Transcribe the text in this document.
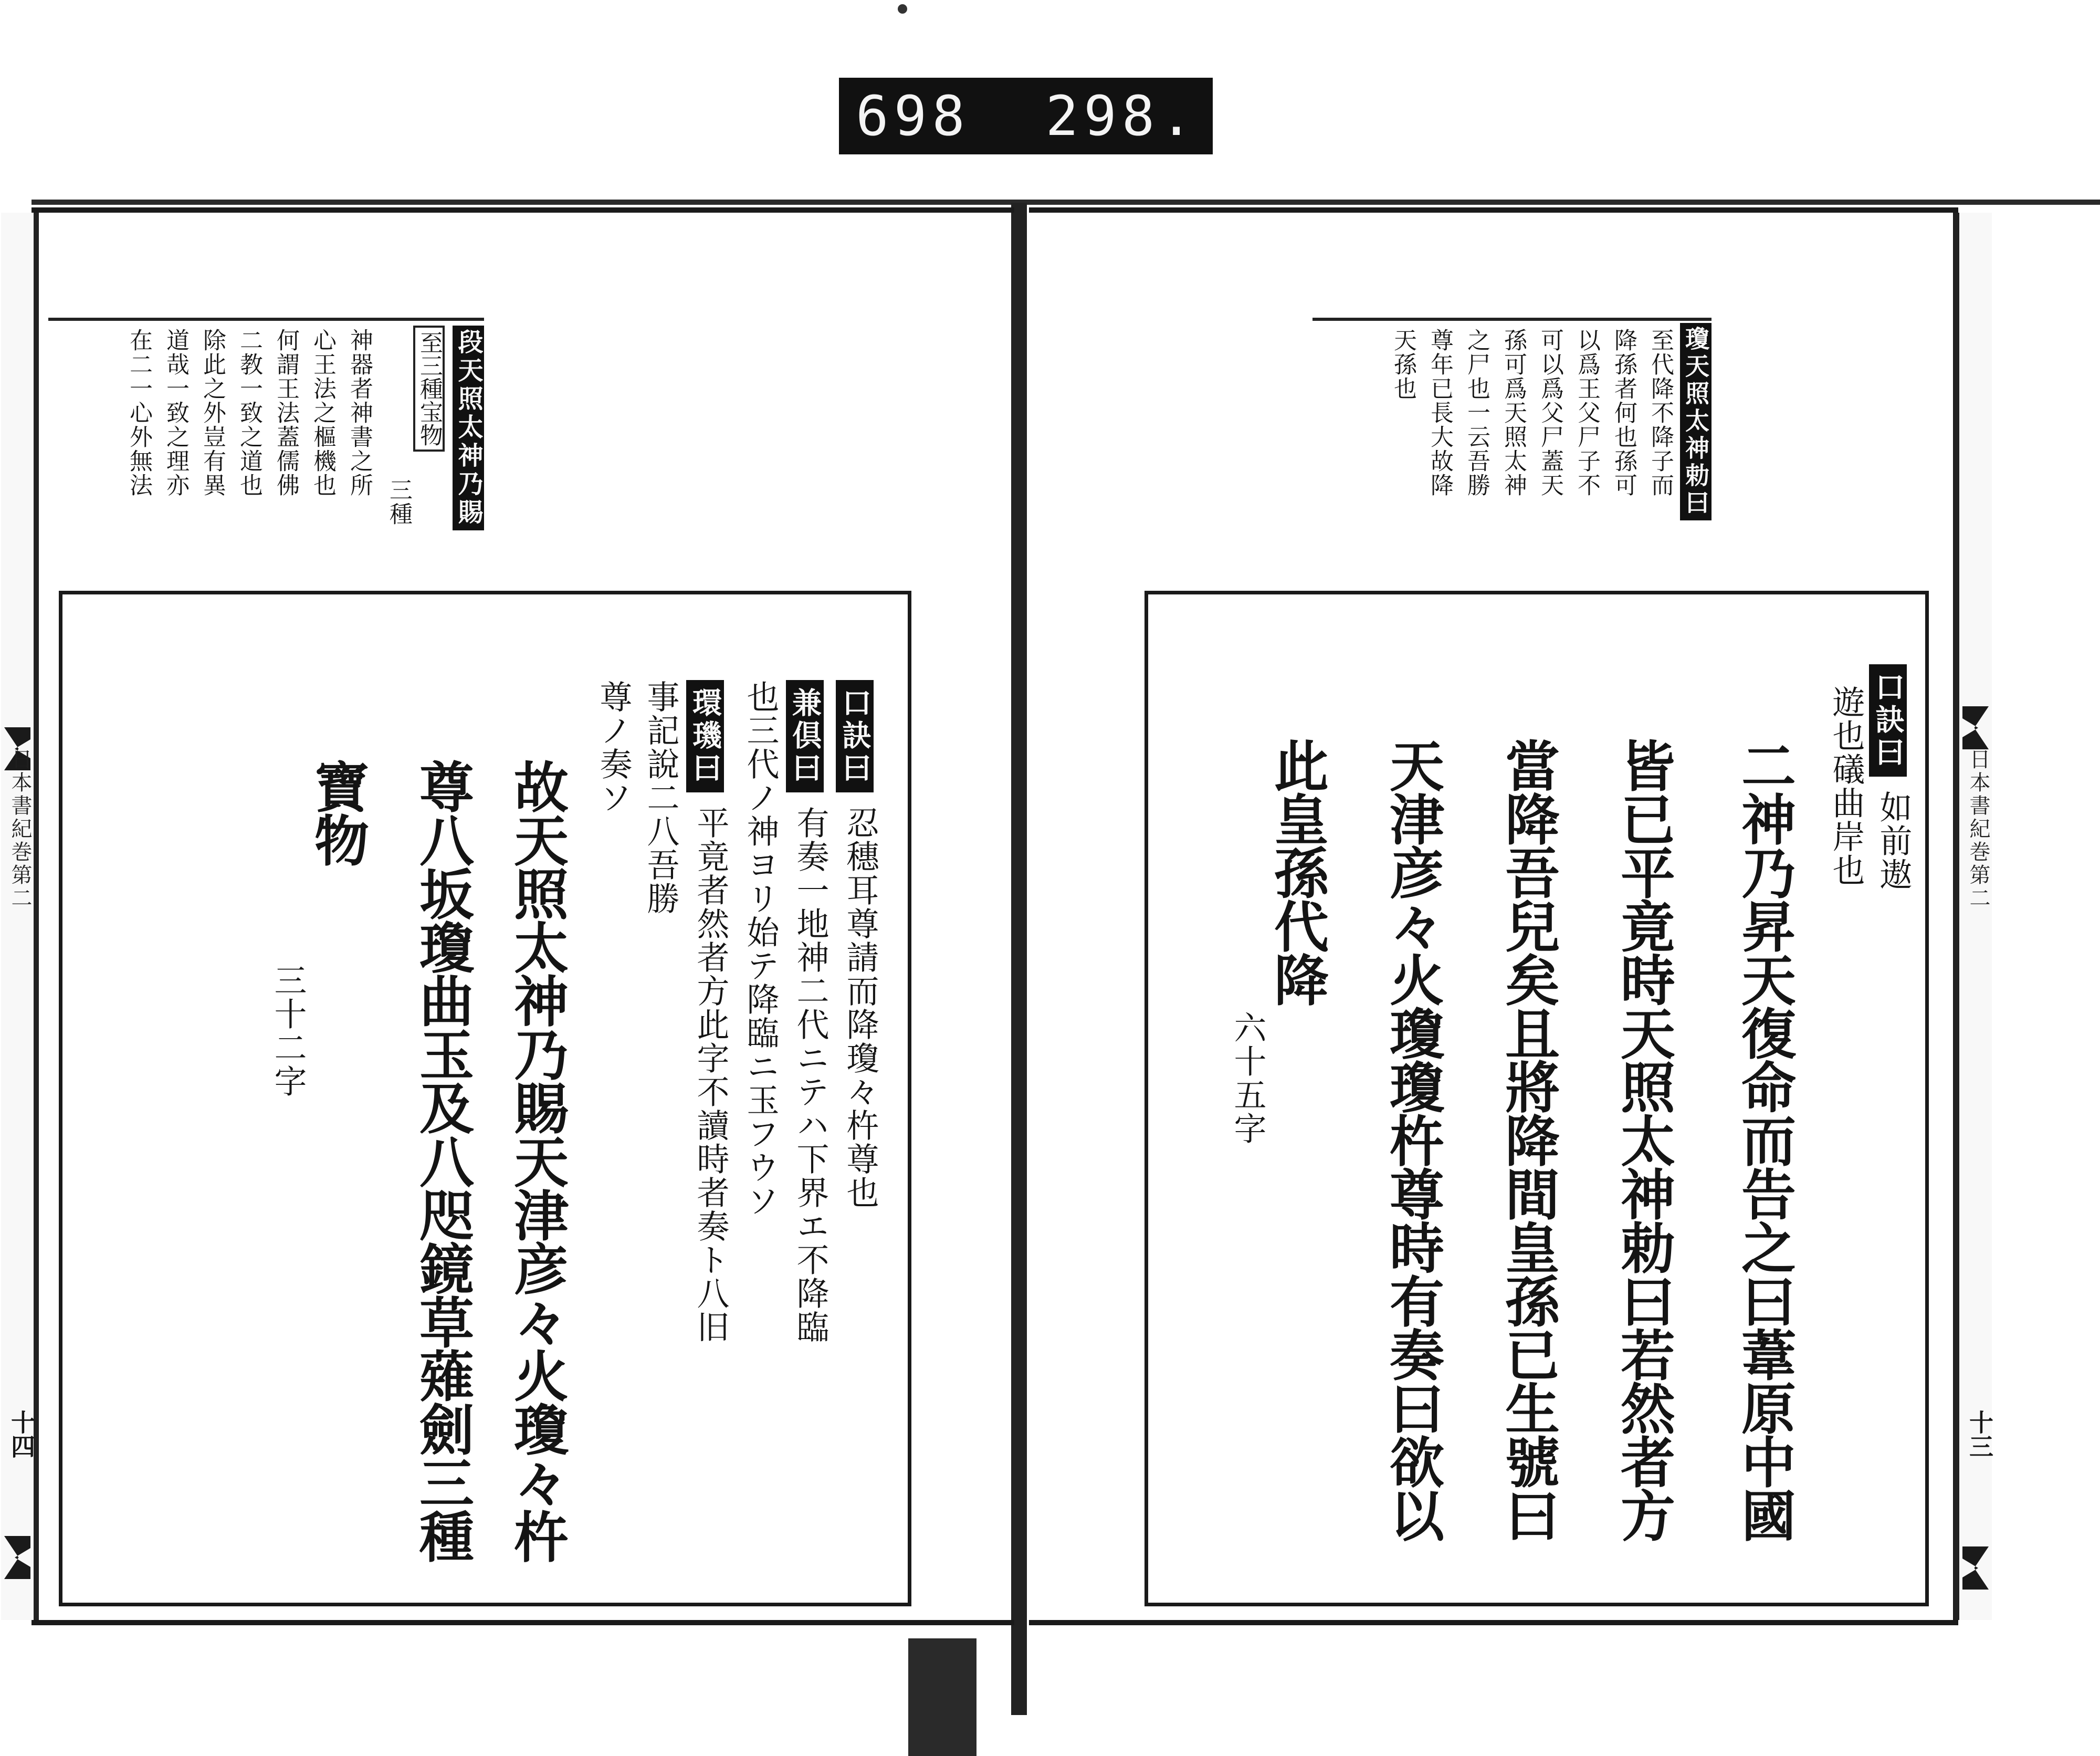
698 298.
日本書紀巻第二
十四
段天照太神乃賜
至三種宝物
三種
神器者神書之所
心王法之樞機也
何謂王法蓋儒佛
二教一致之道也
除此之外豈有異
道哉一致之理亦
在二一心外無法
口訣曰
忍穗耳尊請而降瓊々杵尊也
兼倶曰
有奏一地神二代ニテハ下界エ不降臨
也三代ノ神ヨリ始テ降臨ニ玉フウソ
環璣曰
平竟者然者方此字不讀時者奏ト八旧
事記說二八吾勝
尊ノ奏ソ
故天照太神乃賜天津彦々火瓊々杵
尊八坂瓊曲玉及八咫鏡草薙劍三種
寶物
三十二字
日本書紀巻第二
十三
瓊天照太神勅曰
至代降不降子而
降孫者何也孫可
以爲王父尸子不
可以爲父尸蓋天
孫可爲天照太神
之尸也一云吾勝
尊年已長大故降
天孫也
口訣曰
如前遨
遊也礒曲岸也
二神乃昇天復命而告之曰葦原中國
皆已平竟時天照太神勅曰若然者方
當降吾兒矣且將降間皇孫已生號曰
天津彦々火瓊瓊杵尊時有奏曰欲以
此皇孫代降
六十五字
